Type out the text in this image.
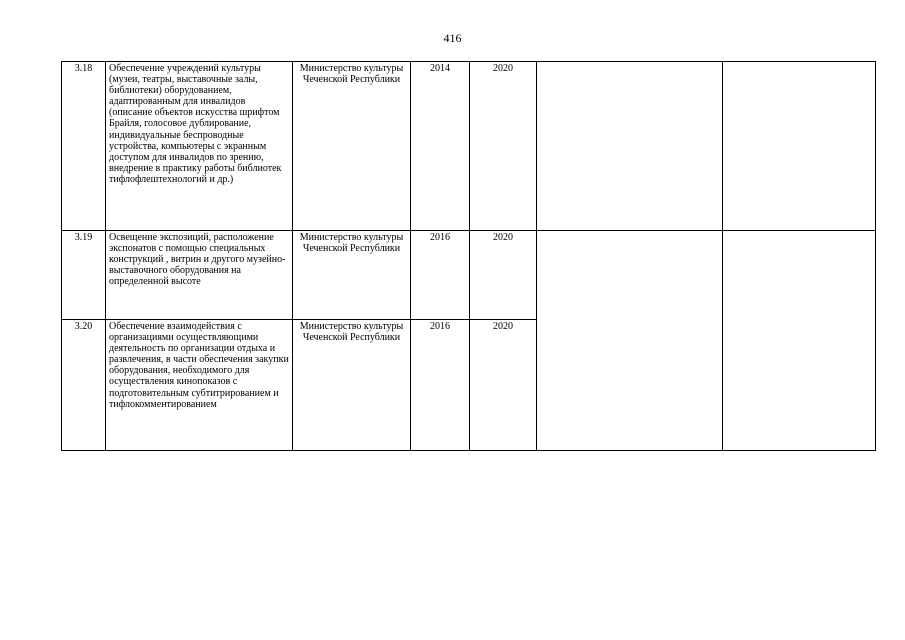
416
3.18	Обеспечение учреждений культуры (музеи, театры, выставочные залы, библиотеки) оборудованием, адаптированным для инвалидов (описание объектов искусства шрифтом Брайля, голосовое дублирование, индивидуальные беспроводные устройства, компьютеры с экранным доступом для инвалидов по зрению, внедрение в практику работы библиотек тифлофлештехнологий и др.)	Министерство культуры Чеченской Республики	2014	2020		
3.19	Освещение экспозиций, расположение экспонатов с помощью специальных конструкций , витрин и другого музейно-выставочного оборудования на определенной высоте	Министерство культуры Чеченской Республики	2016	2020		
3.20	Обеспечение взаимодействия с организациями осуществляющими деятельность по организации отдыха и развлечения, в части обеспечения закупки оборудования, необходимого для осуществления кинопоказов с подготовительным субтитрированием и тифлокомментированием	Министерство культуры Чеченской Республики	2016	2020		
